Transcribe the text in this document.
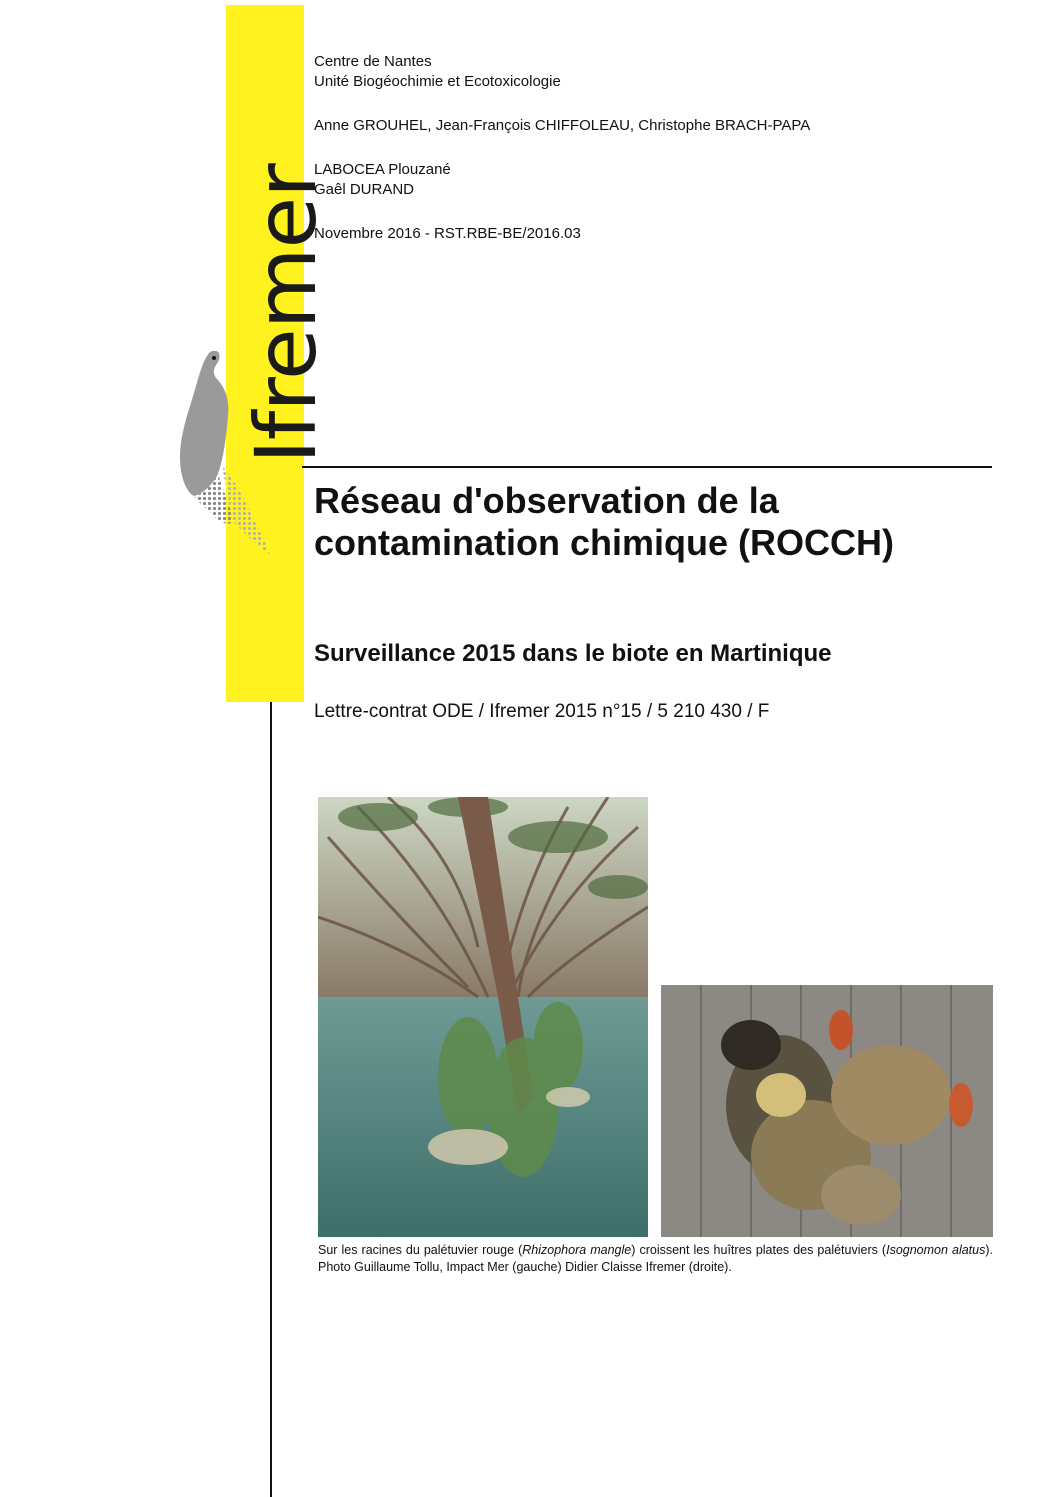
Ifremer
Centre de Nantes
Unité Biogéochimie et Ecotoxicologie
Anne GROUHEL, Jean-François CHIFFOLEAU, Christophe BRACH-PAPA
LABOCEA Plouzané
Gaêl DURAND
Novembre 2016 - RST.RBE-BE/2016.03
Réseau d'observation de la
contamination chimique (ROCCH)
Surveillance 2015 dans le biote en Martinique
Lettre-contrat ODE / Ifremer 2015 n°15 / 5 210 430 / F
Sur les racines du palétuvier rouge (Rhizophora mangle) croissent les huîtres plates des palétuviers (Isognomon alatus). Photo Guillaume Tollu, Impact Mer (gauche) Didier Claisse Ifremer (droite).
